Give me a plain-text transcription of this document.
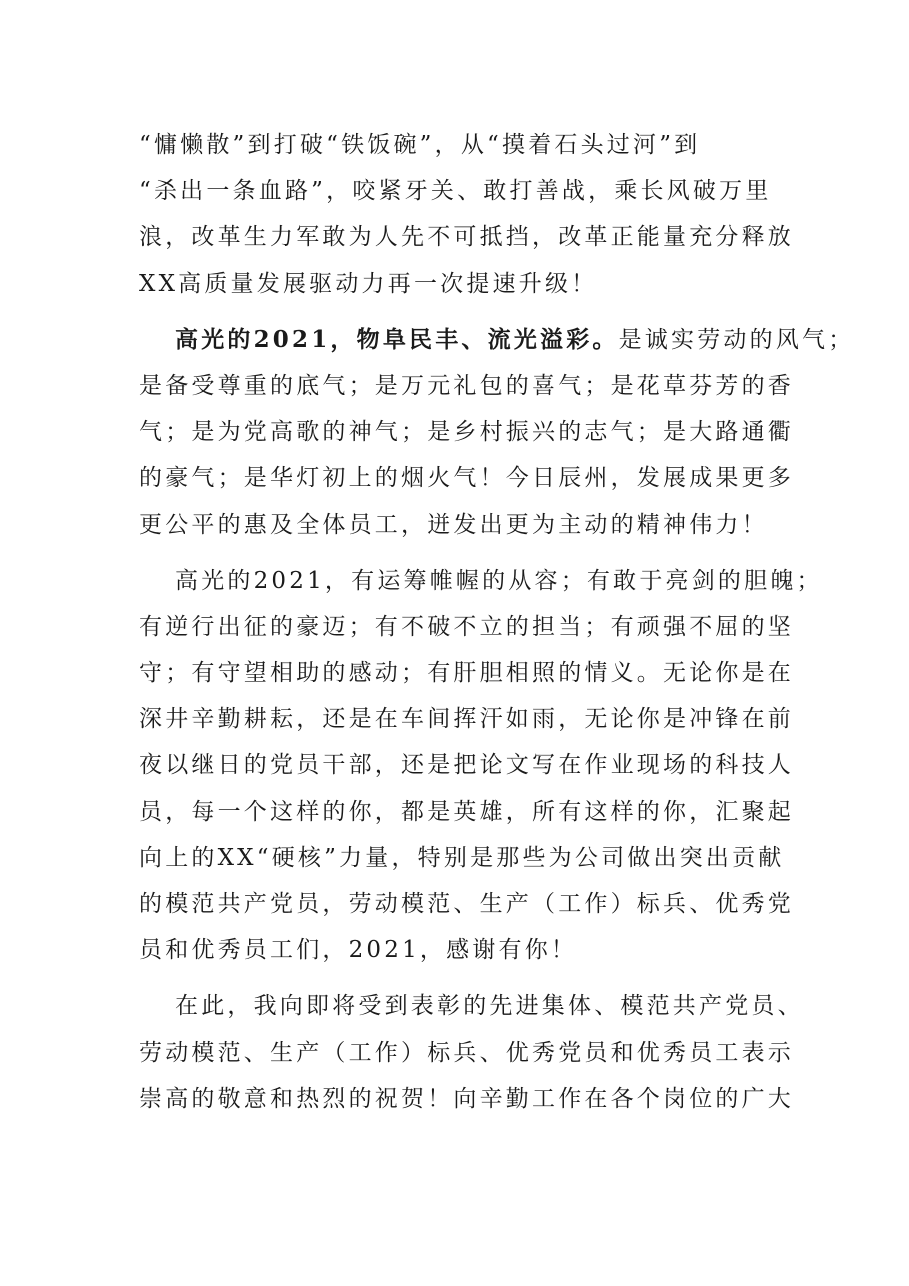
“慵懒散”到打破“铁饭碗”，从“摸着石头过河”到
“杀出一条血路”，咬紧牙关、敢打善战，乘长风破万里
浪，改革生力军敢为人先不可抵挡，改革正能量充分释放
XX高质量发展驱动力再一次提速升级！
高光的2021，物阜民丰、流光溢彩。是诚实劳动的风气；
是备受尊重的底气；是万元礼包的喜气；是花草芬芳的香
气；是为党高歌的神气；是乡村振兴的志气；是大路通衢
的豪气；是华灯初上的烟火气！今日辰州，发展成果更多
更公平的惠及全体员工，迸发出更为主动的精神伟力！
高光的2021，有运筹帷幄的从容；有敢于亮剑的胆魄；
有逆行出征的豪迈；有不破不立的担当；有顽强不屈的坚
守；有守望相助的感动；有肝胆相照的情义。无论你是在
深井辛勤耕耘，还是在车间挥汗如雨，无论你是冲锋在前
夜以继日的党员干部，还是把论文写在作业现场的科技人
员，每一个这样的你，都是英雄，所有这样的你，汇聚起
向上的XX“硬核”力量，特别是那些为公司做出突出贡献
的模范共产党员，劳动模范、生产（工作）标兵、优秀党
员和优秀员工们，2021，感谢有你！
在此，我向即将受到表彰的先进集体、模范共产党员、
劳动模范、生产（工作）标兵、优秀党员和优秀员工表示
崇高的敬意和热烈的祝贺！向辛勤工作在各个岗位的广大
